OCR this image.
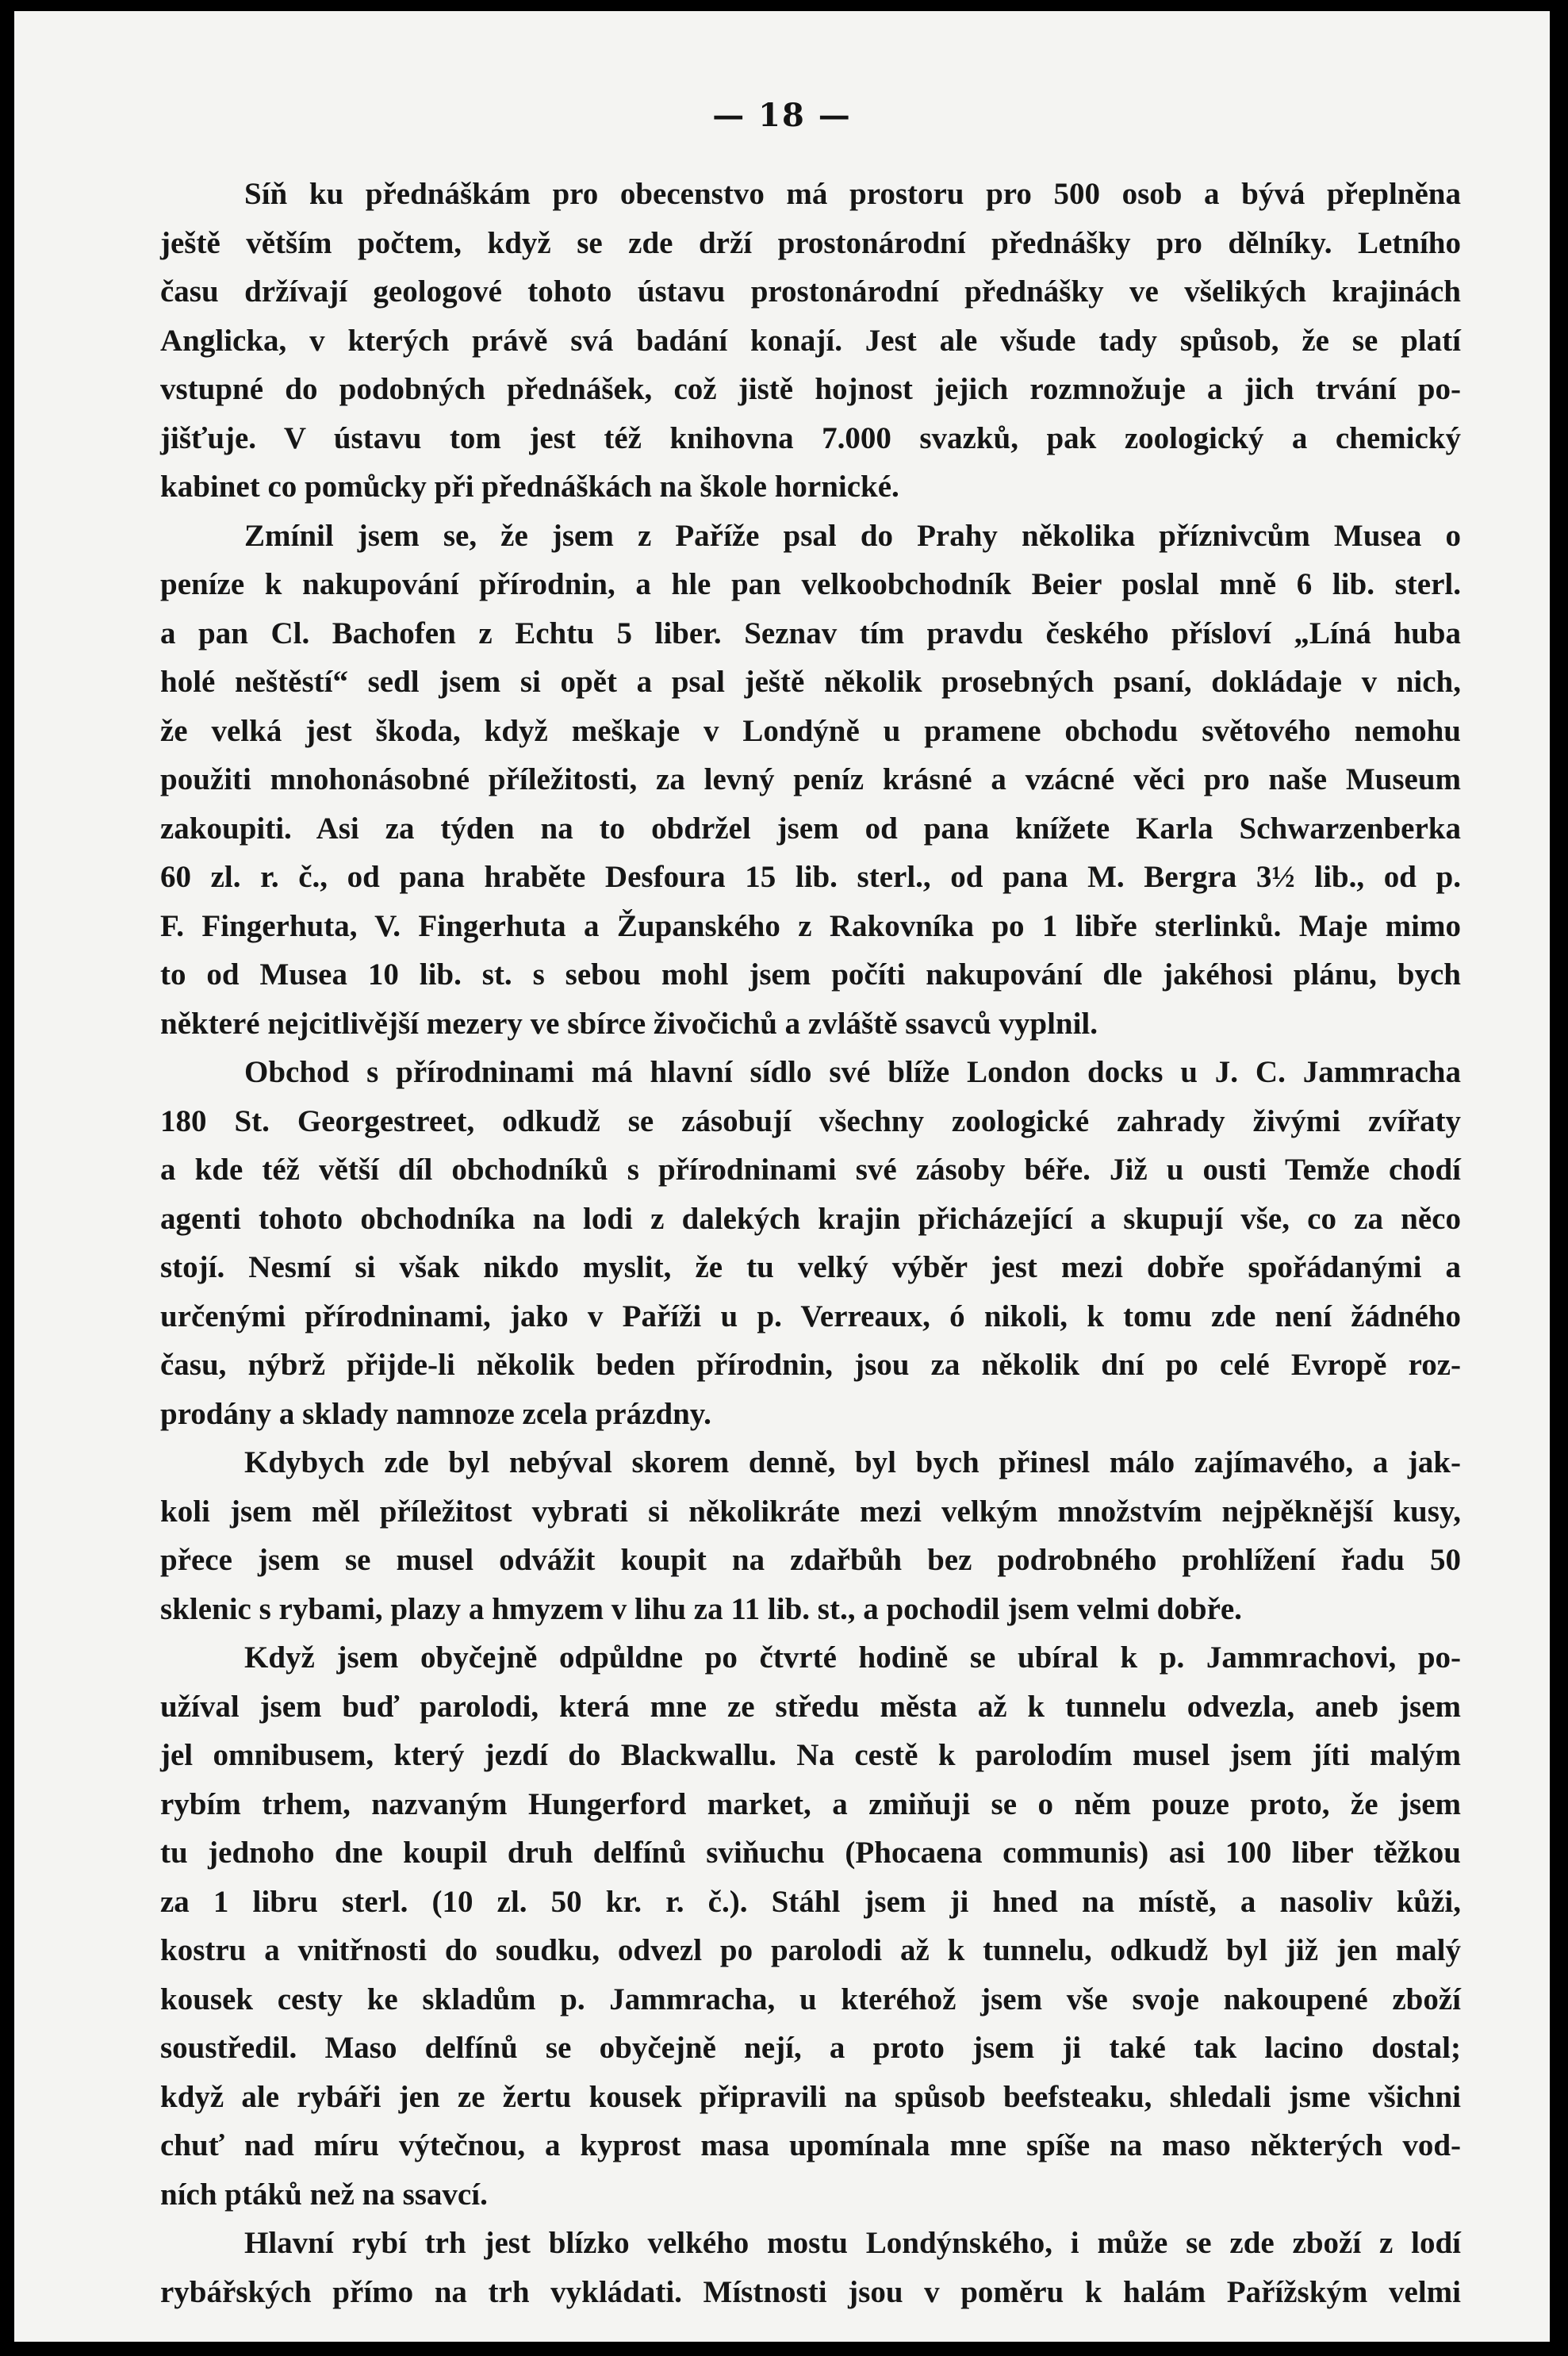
— 18 —
Síň ku přednáškám pro obecenstvo má prostoru pro 500 osob a bývá přeplněna
ještě větším počtem, když se zde drží prostonárodní přednášky pro dělníky. Letního
času držívají geologové tohoto ústavu prostonárodní přednášky ve všelikých krajinách
Anglicka, v kterých právě svá badání konají. Jest ale všude tady spůsob, že se platí
vstupné do podobných přednášek, což jistě hojnost jejich rozmnožuje a jich trvání po-
jišťuje. V ústavu tom jest též knihovna 7.000 svazků, pak zoologický a chemický
kabinet co pomůcky při přednáškách na škole hornické.
Zmínil jsem se, že jsem z Paříže psal do Prahy několika příznivcům Musea o
peníze k nakupování přírodnin, a hle pan velkoobchodník Beier poslal mně 6 lib. sterl.
a pan Cl. Bachofen z Echtu 5 liber. Seznav tím pravdu českého přísloví „Líná huba
holé neštěstí“ sedl jsem si opět a psal ještě několik prosebných psaní, dokládaje v nich,
že velká jest škoda, když meškaje v Londýně u pramene obchodu světového nemohu
použiti mnohonásobné příležitosti, za levný peníz krásné a vzácné věci pro naše Museum
zakoupiti. Asi za týden na to obdržel jsem od pana knížete Karla Schwarzenberka
60 zl. r. č., od pana hraběte Desfoura 15 lib. sterl., od pana M. Bergra 3½ lib., od p.
F. Fingerhuta, V. Fingerhuta a Županského z Rakovníka po 1 libře sterlinků. Maje mimo
to od Musea 10 lib. st. s sebou mohl jsem počíti nakupování dle jakéhosi plánu, bych
některé nejcitlivější mezery ve sbírce živočichů a zvláště ssavců vyplnil.
Obchod s přírodninami má hlavní sídlo své blíže London docks u J. C. Jammracha
180 St. Georgestreet, odkudž se zásobují všechny zoologické zahrady živými zvířaty
a kde též větší díl obchodníků s přírodninami své zásoby béře. Již u ousti Temže chodí
agenti tohoto obchodníka na lodi z dalekých krajin přicházející a skupují vše, co za něco
stojí. Nesmí si však nikdo myslit, že tu velký výběr jest mezi dobře spořádanými a
určenými přírodninami, jako v Paříži u p. Verreaux, ó nikoli, k tomu zde není žádného
času, nýbrž přijde-li několik beden přírodnin, jsou za několik dní po celé Evropě roz-
prodány a sklady namnoze zcela prázdny.
Kdybych zde byl nebýval skorem denně, byl bych přinesl málo zajímavého, a jak-
koli jsem měl příležitost vybrati si několikráte mezi velkým množstvím nejpěknější kusy,
přece jsem se musel odvážit koupit na zdařbůh bez podrobného prohlížení řadu 50
sklenic s rybami, plazy a hmyzem v lihu za 11 lib. st., a pochodil jsem velmi dobře.
Když jsem obyčejně odpůldne po čtvrté hodině se ubíral k p. Jammrachovi, po-
užíval jsem buď parolodi, která mne ze středu města až k tunnelu odvezla, aneb jsem
jel omnibusem, který jezdí do Blackwallu. Na cestě k parolodím musel jsem jíti malým
rybím trhem, nazvaným Hungerford market, a zmiňuji se o něm pouze proto, že jsem
tu jednoho dne koupil druh delfínů sviňuchu (Phocaena communis) asi 100 liber těžkou
za 1 libru sterl. (10 zl. 50 kr. r. č.). Stáhl jsem ji hned na místě, a nasoliv kůži,
kostru a vnitřnosti do soudku, odvezl po parolodi až k tunnelu, odkudž byl již jen malý
kousek cesty ke skladům p. Jammracha, u kteréhož jsem vše svoje nakoupené zboží
soustředil. Maso delfínů se obyčejně nejí, a proto jsem ji také tak lacino dostal;
když ale rybáři jen ze žertu kousek připravili na spůsob beefsteaku, shledali jsme všichni
chuť nad míru výtečnou, a kyprost masa upomínala mne spíše na maso některých vod-
ních ptáků než na ssavcí.
Hlavní rybí trh jest blízko velkého mostu Londýnského, i může se zde zboží z lodí
rybářských přímo na trh vykládati. Místnosti jsou v poměru k halám Pařížským velmi
